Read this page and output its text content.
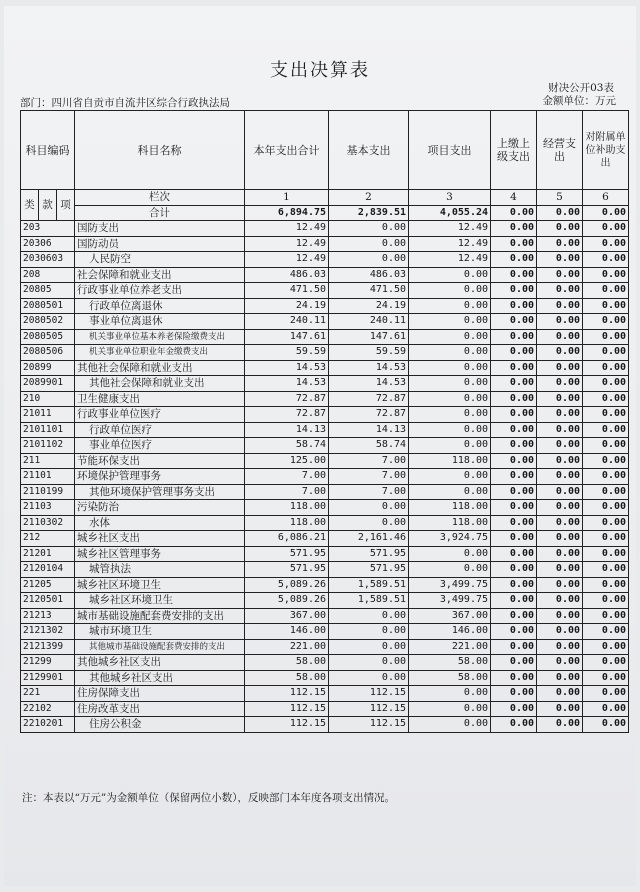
支出决算表
财决公开03表
部门：四川省自贡市自流井区综合行政执法局	金额单位：万元
科目编码			科目名称	本年支出合计	基本支出	项目支出	上缴上级支出	经营支出	对附属单位补助支出
类	款	项	栏次	1	2	3	4	5	6
			合计	6,894.75	2,839.51	4,055.24	0.00	0.00	0.00
203			国防支出	12.49	0.00	12.49	0.00	0.00	0.00
20306			国防动员	12.49	0.00	12.49	0.00	0.00	0.00
2030603			人民防空	12.49	0.00	12.49	0.00	0.00	0.00
208			社会保障和就业支出	486.03	486.03	0.00	0.00	0.00	0.00
20805			行政事业单位养老支出	471.50	471.50	0.00	0.00	0.00	0.00
2080501			行政单位离退休	24.19	24.19	0.00	0.00	0.00	0.00
2080502			事业单位离退休	240.11	240.11	0.00	0.00	0.00	0.00
2080505			机关事业单位基本养老保险缴费支出	147.61	147.61	0.00	0.00	0.00	0.00
2080506			机关事业单位职业年金缴费支出	59.59	59.59	0.00	0.00	0.00	0.00
20899			其他社会保障和就业支出	14.53	14.53	0.00	0.00	0.00	0.00
2089901			其他社会保障和就业支出	14.53	14.53	0.00	0.00	0.00	0.00
210			卫生健康支出	72.87	72.87	0.00	0.00	0.00	0.00
21011			行政事业单位医疗	72.87	72.87	0.00	0.00	0.00	0.00
2101101			行政单位医疗	14.13	14.13	0.00	0.00	0.00	0.00
2101102			事业单位医疗	58.74	58.74	0.00	0.00	0.00	0.00
211			节能环保支出	125.00	7.00	118.00	0.00	0.00	0.00
21101			环境保护管理事务	7.00	7.00	0.00	0.00	0.00	0.00
2110199			其他环境保护管理事务支出	7.00	7.00	0.00	0.00	0.00	0.00
21103			污染防治	118.00	0.00	118.00	0.00	0.00	0.00
2110302			水体	118.00	0.00	118.00	0.00	0.00	0.00
212			城乡社区支出	6,086.21	2,161.46	3,924.75	0.00	0.00	0.00
21201			城乡社区管理事务	571.95	571.95	0.00	0.00	0.00	0.00
2120104			城管执法	571.95	571.95	0.00	0.00	0.00	0.00
21205			城乡社区环境卫生	5,089.26	1,589.51	3,499.75	0.00	0.00	0.00
2120501			城乡社区环境卫生	5,089.26	1,589.51	3,499.75	0.00	0.00	0.00
21213			城市基础设施配套费安排的支出	367.00	0.00	367.00	0.00	0.00	0.00
2121302			城市环境卫生	146.00	0.00	146.00	0.00	0.00	0.00
2121399			其他城市基础设施配套费安排的支出	221.00	0.00	221.00	0.00	0.00	0.00
21299			其他城乡社区支出	58.00	0.00	58.00	0.00	0.00	0.00
2129901			其他城乡社区支出	58.00	0.00	58.00	0.00	0.00	0.00
221			住房保障支出	112.15	112.15	0.00	0.00	0.00	0.00
22102			住房改革支出	112.15	112.15	0.00	0.00	0.00	0.00
2210201			住房公积金	112.15	112.15	0.00	0.00	0.00	0.00
注：本表以“万元”为金额单位（保留两位小数），反映部门本年度各项支出情况。
